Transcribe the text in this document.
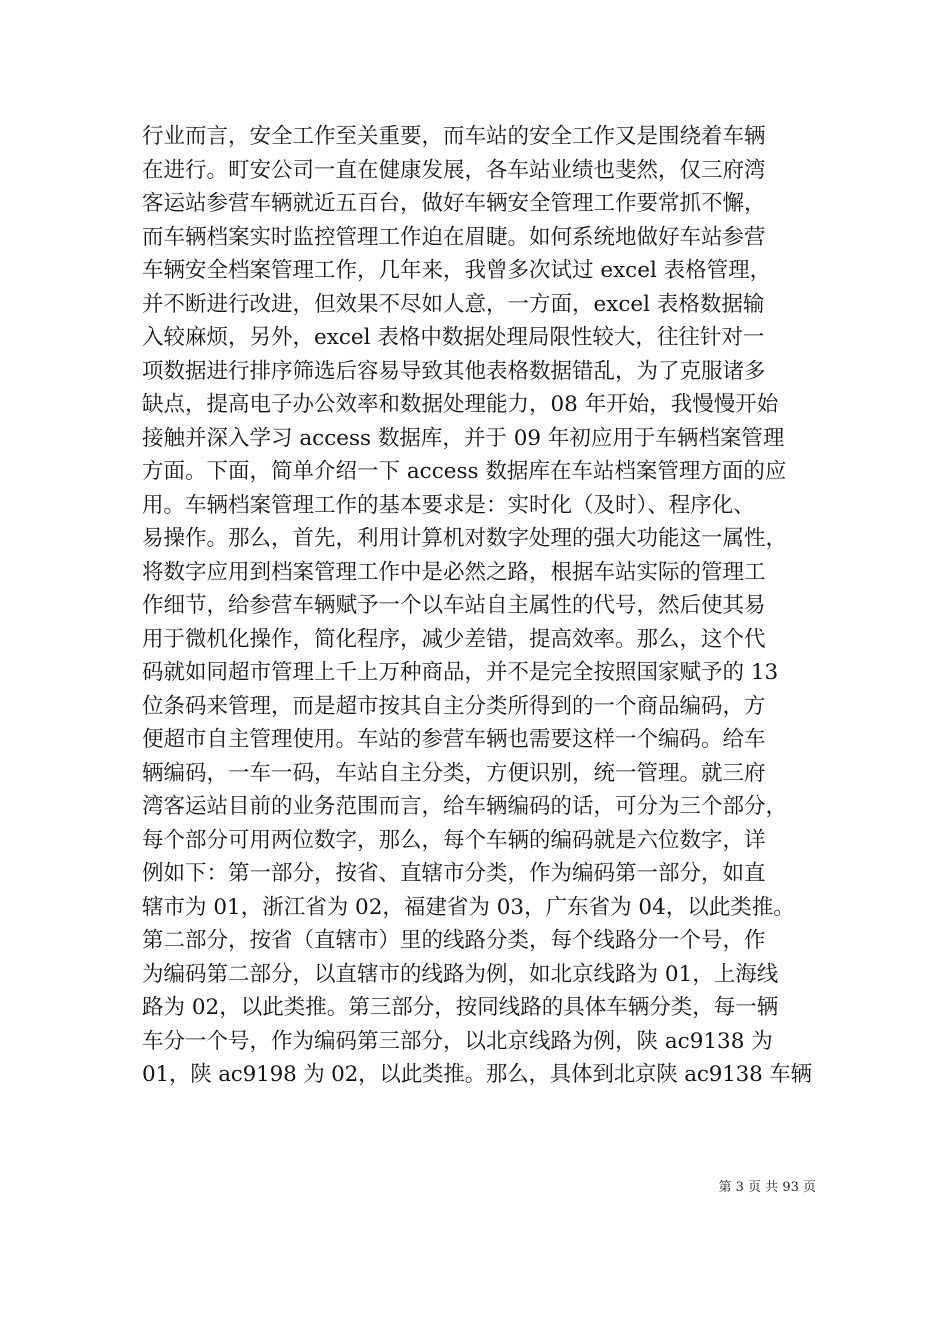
行业而言，安全工作至关重要，而车站的安全工作又是围绕着车辆
在进行。町安公司一直在健康发展，各车站业绩也斐然，仅三府湾
客运站参营车辆就近五百台，做好车辆安全管理工作要常抓不懈，
而车辆档案实时监控管理工作迫在眉睫。如何系统地做好车站参营
车辆安全档案管理工作，几年来，我曾多次试过 excel 表格管理，
并不断进行改进，但效果不尽如人意，一方面，excel 表格数据输
入较麻烦，另外，excel 表格中数据处理局限性较大，往往针对一
项数据进行排序筛选后容易导致其他表格数据错乱，为了克服诸多
缺点，提高电子办公效率和数据处理能力，08 年开始，我慢慢开始
接触并深入学习 access 数据库，并于 09 年初应用于车辆档案管理
方面。下面，简单介绍一下 access 数据库在车站档案管理方面的应
用。车辆档案管理工作的基本要求是：实时化（及时）、程序化、
易操作。那么，首先，利用计算机对数字处理的强大功能这一属性，
将数字应用到档案管理工作中是必然之路，根据车站实际的管理工
作细节，给参营车辆赋予一个以车站自主属性的代号，然后使其易
用于微机化操作，简化程序，减少差错，提高效率。那么，这个代
码就如同超市管理上千上万种商品，并不是完全按照国家赋予的 13
位条码来管理，而是超市按其自主分类所得到的一个商品编码，方
便超市自主管理使用。车站的参营车辆也需要这样一个编码。给车
辆编码，一车一码，车站自主分类，方便识别，统一管理。就三府
湾客运站目前的业务范围而言，给车辆编码的话，可分为三个部分，
每个部分可用两位数字，那么，每个车辆的编码就是六位数字，详
例如下：第一部分，按省、直辖市分类，作为编码第一部分，如直
辖市为 01，浙江省为 02，福建省为 03，广东省为 04，以此类推。
第二部分，按省（直辖市）里的线路分类，每个线路分一个号，作
为编码第二部分，以直辖市的线路为例，如北京线路为 01，上海线
路为 02，以此类推。第三部分，按同线路的具体车辆分类，每一辆
车分一个号，作为编码第三部分，以北京线路为例，陕 ac9138 为
01，陕 ac9198 为 02，以此类推。那么，具体到北京陕 ac9138 车辆
第 3 页 共 93 页
